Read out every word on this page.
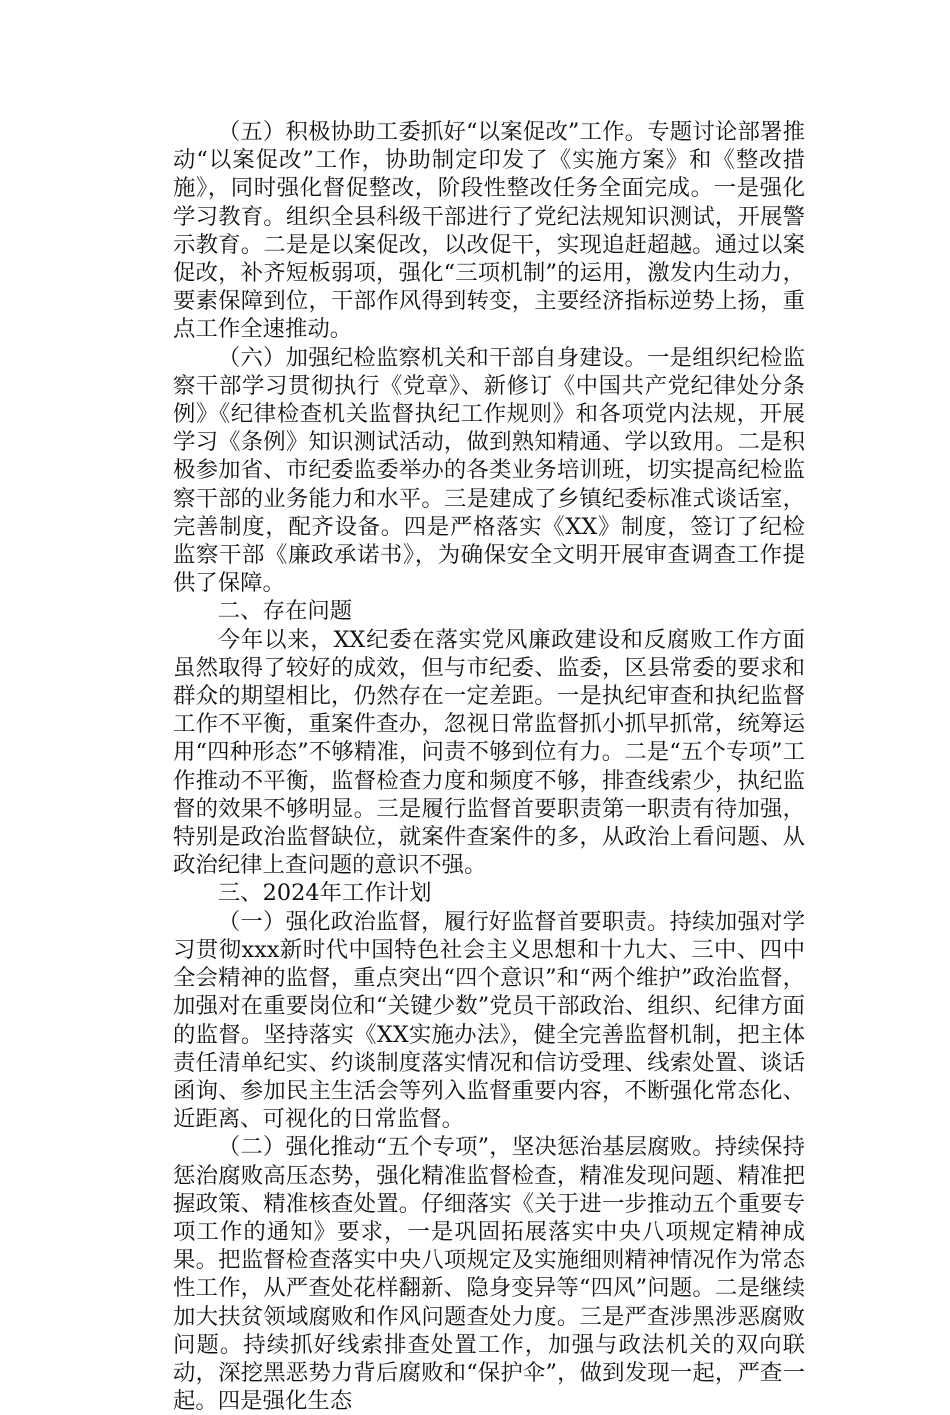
（五）积极协助工委抓好“以案促改”工作。专题讨论部署推动“以案促改”工作，协助制定印发了《实施方案》和《整改措施》，同时强化督促整改，阶段性整改任务全面完成。一是强化学习教育。组织全县科级干部进行了党纪法规知识测试，开展警示教育。二是是以案促改，以改促干，实现追赶超越。通过以案促改，补齐短板弱项，强化“三项机制”的运用，激发内生动力，要素保障到位，干部作风得到转变，主要经济指标逆势上扬，重点工作全速推动。

（六）加强纪检监察机关和干部自身建设。一是组织纪检监察干部学习贯彻执行《党章》、新修订《中国共产党纪律处分条例》《纪律检查机关监督执纪工作规则》和各项党内法规，开展学习《条例》知识测试活动，做到熟知精通、学以致用。二是积极参加省、市纪委监委举办的各类业务培训班，切实提高纪检监察干部的业务能力和水平。三是建成了乡镇纪委标准式谈话室，完善制度，配齐设备。四是严格落实《XX》制度，签订了纪检监察干部《廉政承诺书》，为确保安全文明开展审查调查工作提供了保障。

二、存在问题

今年以来，XX纪委在落实党风廉政建设和反腐败工作方面虽然取得了较好的成效，但与市纪委、监委，区县常委的要求和群众的期望相比，仍然存在一定差距。一是执纪审查和执纪监督工作不平衡，重案件查办，忽视日常监督抓小抓早抓常，统筹运用“四种形态”不够精准，问责不够到位有力。二是“五个专项”工作推动不平衡，监督检查力度和频度不够，排查线索少，执纪监督的效果不够明显。三是履行监督首要职责第一职责有待加强，特别是政治监督缺位，就案件查案件的多，从政治上看问题、从政治纪律上查问题的意识不强。

三、2024年工作计划

（一）强化政治监督，履行好监督首要职责。持续加强对学习贯彻xxx新时代中国特色社会主义思想和十九大、三中、四中全会精神的监督，重点突出“四个意识”和“两个维护”政治监督，加强对在重要岗位和“关键少数”党员干部政治、组织、纪律方面的监督。坚持落实《XX实施办法》，健全完善监督机制，把主体责任清单纪实、约谈制度落实情况和信访受理、线索处置、谈话函询、参加民主生活会等列入监督重要内容，不断强化常态化、近距离、可视化的日常监督。

（二）强化推动“五个专项”，坚决惩治基层腐败。持续保持惩治腐败高压态势，强化精准监督检查，精准发现问题、精准把握政策、精准核查处置。仔细落实《关于进一步推动五个重要专项工作的通知》要求，一是巩固拓展落实中央八项规定精神成果。把监督检查落实中央八项规定及实施细则精神情况作为常态性工作，从严查处花样翻新、隐身变异等“四风”问题。二是继续加大扶贫领域腐败和作风问题查处力度。三是严查涉黑涉恶腐败问题。持续抓好线索排查处置工作，加强与政法机关的双向联动，深挖黑恶势力背后腐败和“保护伞”，做到发现一起，严查一起。四是强化生态
